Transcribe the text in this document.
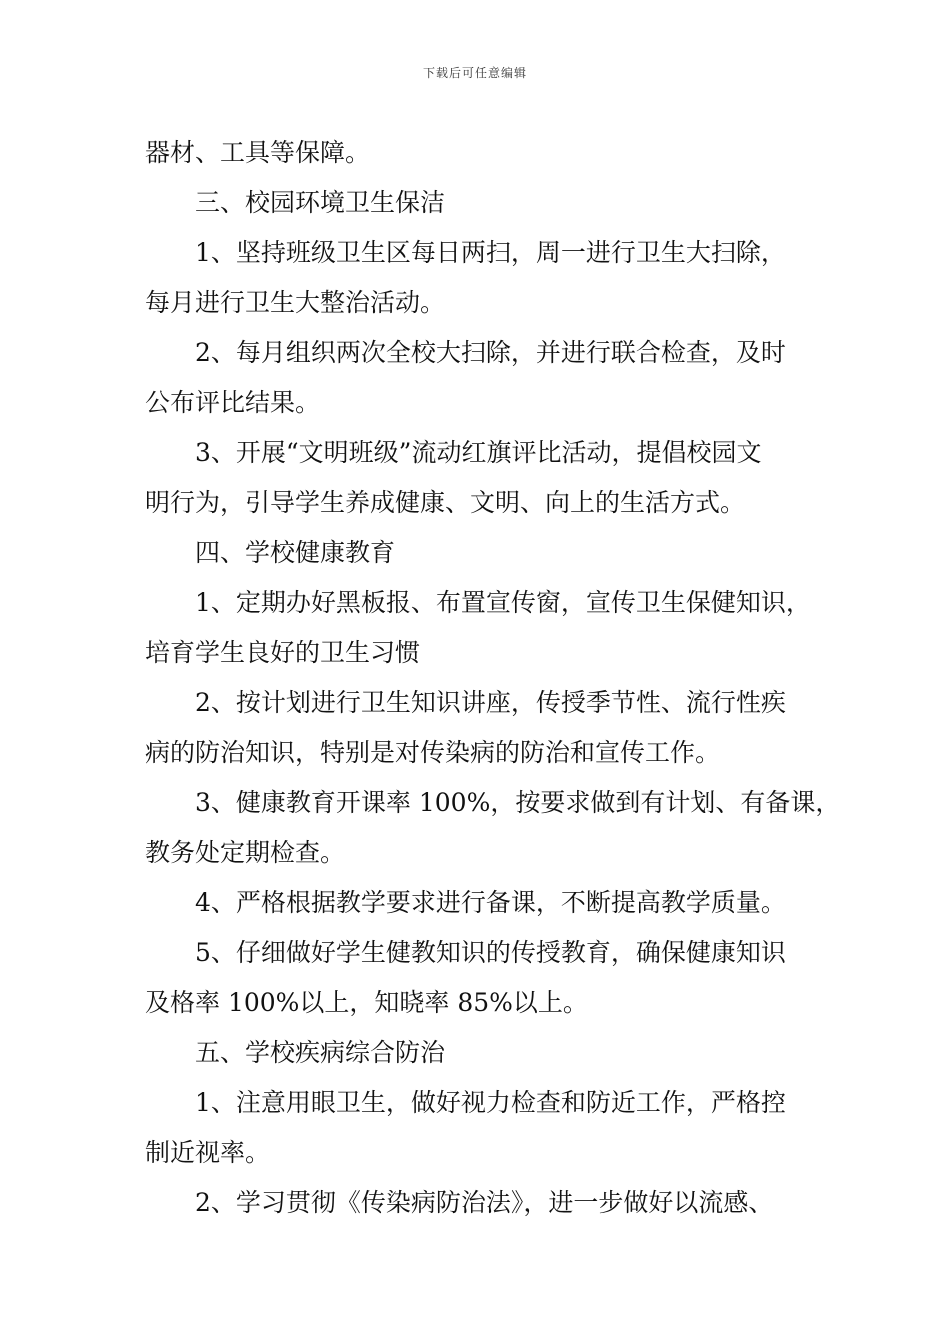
下载后可任意编辑
器材、工具等保障。
三、校园环境卫生保洁
1、坚持班级卫生区每日两扫，周一进行卫生大扫除，
每月进行卫生大整治活动。
2、每月组织两次全校大扫除，并进行联合检查，及时
公布评比结果。
3、开展“文明班级”流动红旗评比活动，提倡校园文
明行为，引导学生养成健康、文明、向上的生活方式。
四、学校健康教育
1、定期办好黑板报、布置宣传窗，宣传卫生保健知识，
培育学生良好的卫生习惯
2、按计划进行卫生知识讲座，传授季节性、流行性疾
病的防治知识，特别是对传染病的防治和宣传工作。
3、健康教育开课率 100%，按要求做到有计划、有备课，
教务处定期检查。
4、严格根据教学要求进行备课，不断提高教学质量。
5、仔细做好学生健教知识的传授教育，确保健康知识
及格率 100%以上，知晓率 85%以上。
五、学校疾病综合防治
1、注意用眼卫生，做好视力检查和防近工作，严格控
制近视率。
2、学习贯彻《传染病防治法》，进一步做好以流感、
